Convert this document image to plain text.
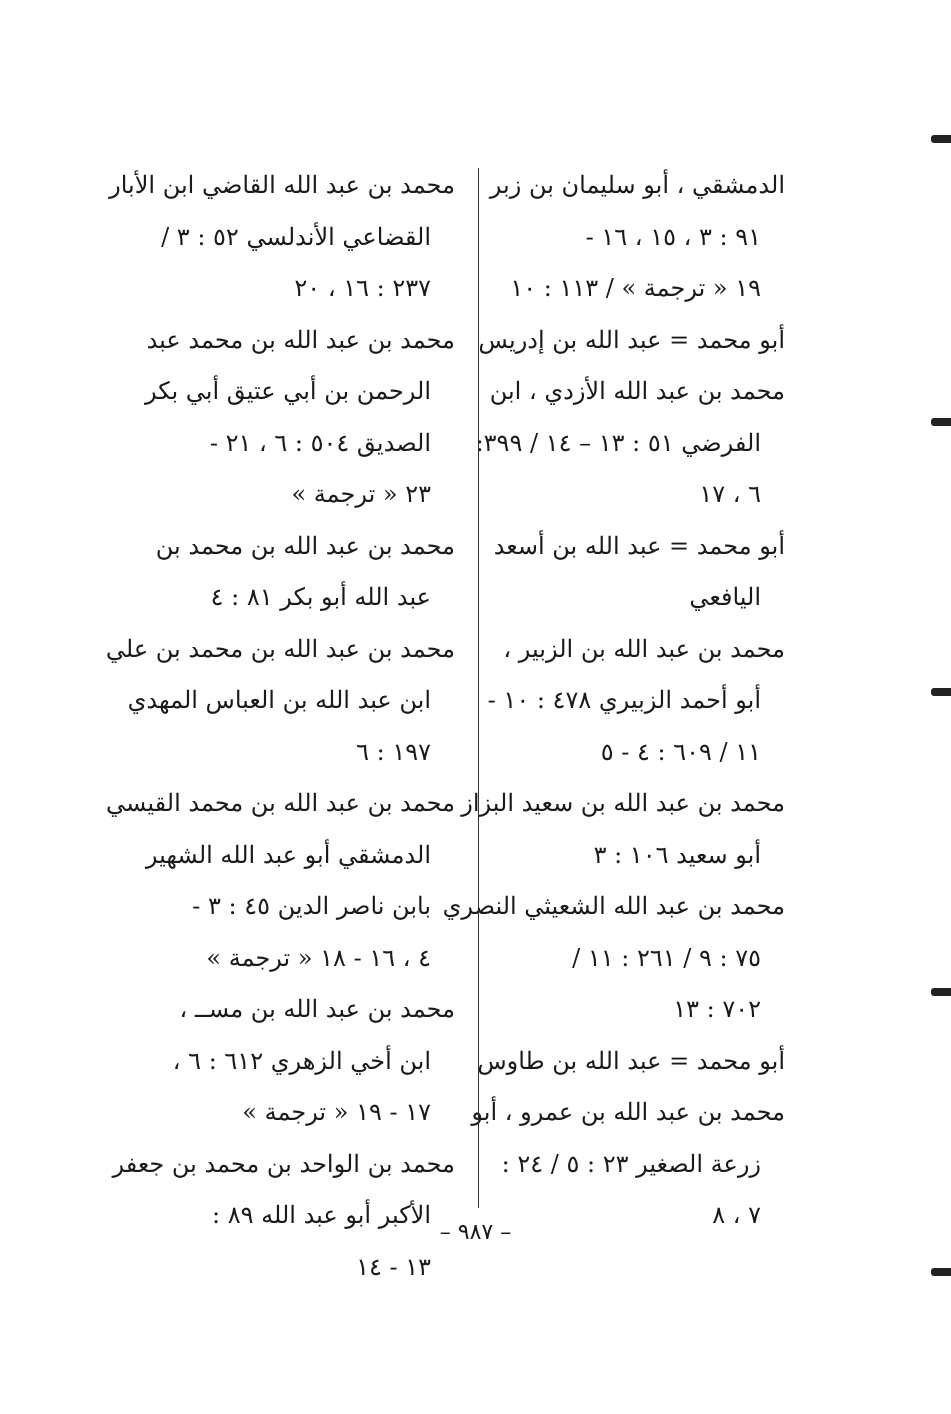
الدمشقي ، أبو سليمان بن زبر
٩١ : ٣ ، ١٥ ، ١٦ -
١٩ « ترجمة » / ١١٣ : ١٠
أبو محمد = عبد الله بن إدريس
محمد بن عبد الله الأزدي ، ابن
الفرضي ٥١ : ١٣ – ١٤ / ٣٩٩:
٦ ، ١٧
أبو محمد = عبد الله بن أسعد
اليافعي
محمد بن عبد الله بن الزبير ،
أبو أحمد الزبيري ٤٧٨ : ١٠ -
١١ / ٦٠٩ : ٤ - ٥
محمد بن عبد الله بن سعيد البزاز
أبو سعيد ١٠٦ : ٣
محمد بن عبد الله الشعيثي النصري
٧٥ : ٩ / ٢٦١ : ١١ /
٧٠٢ : ١٣
أبو محمد = عبد الله بن طاوس
محمد بن عبد الله بن عمرو ، أبو
زرعة الصغير ٢٣ : ٥ / ٢٤ :
٧ ، ٨
محمد بن عبد الله القاضي ابن الأبار
القضاعي الأندلسي ٥٢ : ٣ /
٢٣٧ : ١٦ ، ٢٠
محمد بن عبد الله بن محمد عبد
الرحمن بن أبي عتيق أبي بكر
الصديق ٥٠٤ : ٦ ، ٢١ -
٢٣ « ترجمة »
محمد بن عبد الله بن محمد بن
عبد الله أبو بكر ٨١ : ٤
محمد بن عبد الله بن محمد بن علي
ابن عبد الله بن العباس المهدي
١٩٧ : ٦
محمد بن عبد الله بن محمد القيسي
الدمشقي أبو عبد الله الشهير
بابن ناصر الدين ٤٥ : ٣ -
٤ ، ١٦ - ١٨ « ترجمة »
محمد بن عبد الله بن مسـ‍ـ‍ ،
ابن أخي الزهري ٦١٢ : ٦ ،
١٧ - ١٩ « ترجمة »
محمد بن الواحد بن محمد بن جعفر
الأكبر أبو عبد الله ٨٩ :
١٣ - ١٤
– ٩٨٧ –
